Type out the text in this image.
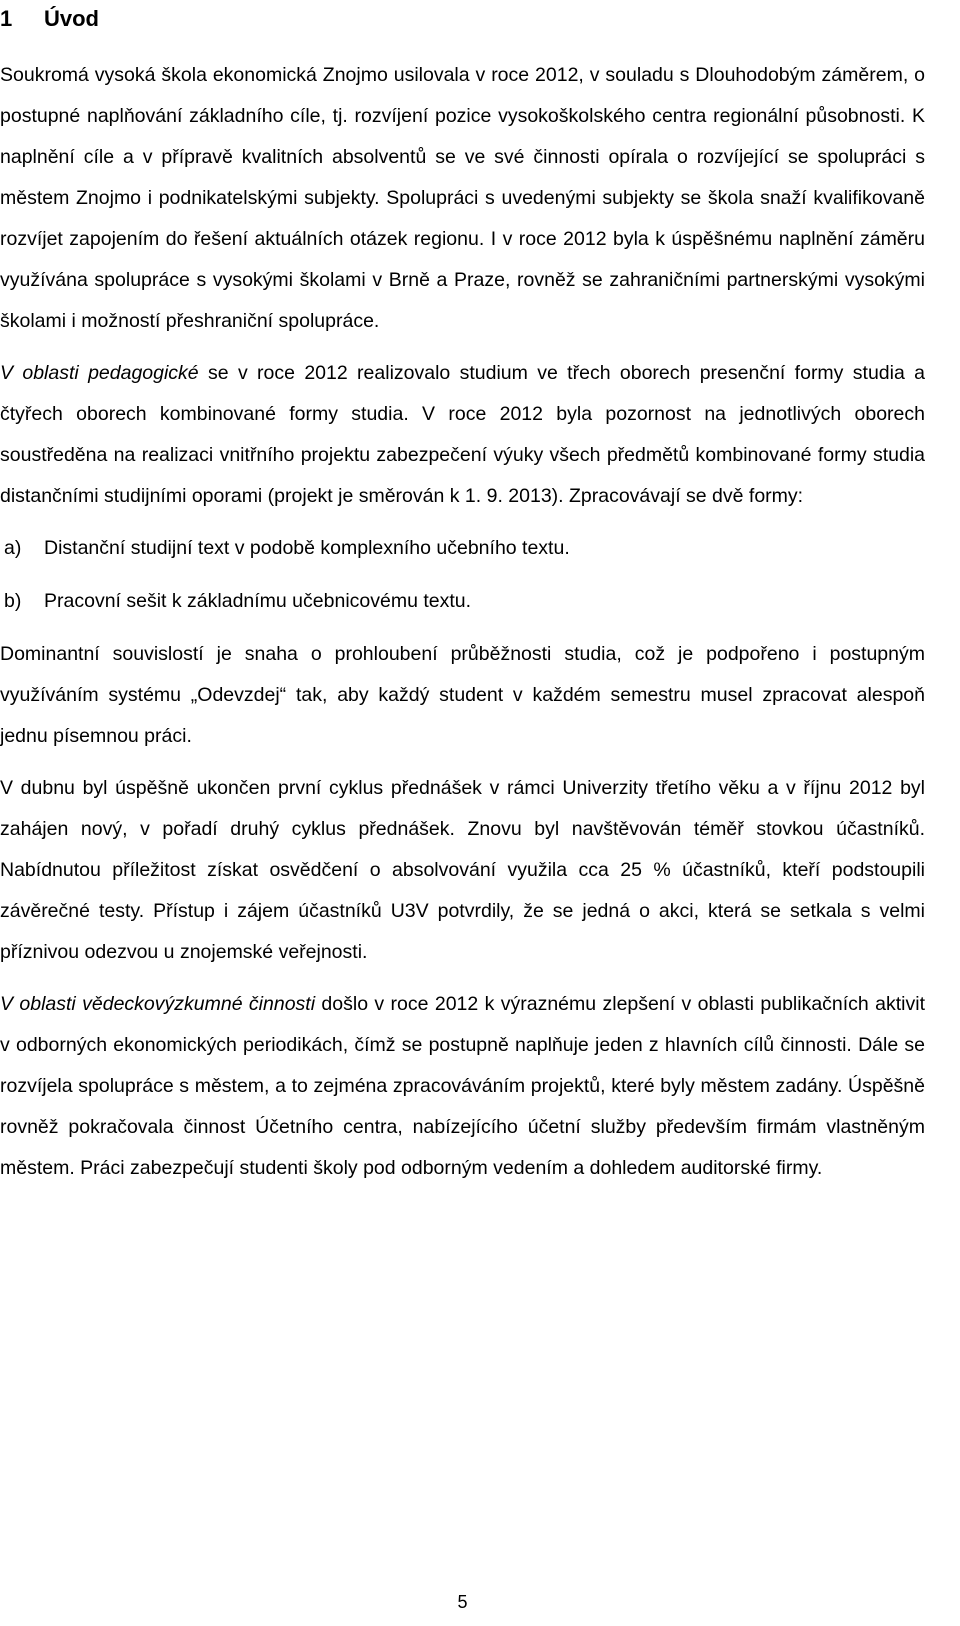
1 Úvod

Soukromá vysoká škola ekonomická Znojmo usilovala v roce 2012, v souladu s Dlouhodobým záměrem, o postupné naplňování základního cíle, tj. rozvíjení pozice vysokoškolského centra regionální působnosti. K naplnění cíle a v přípravě kvalitních absolventů se ve své činnosti opírala o rozvíjející se spolupráci s městem Znojmo i podnikatelskými subjekty. Spolupráci s uvedenými subjekty se škola snaží kvalifikovaně rozvíjet zapojením do řešení aktuálních otázek regionu. I v roce 2012 byla k úspěšnému naplnění záměru využívána spolupráce s vysokými školami v Brně a Praze, rovněž se zahraničními partnerskými vysokými školami i možností přeshraniční spolupráce.

V oblasti pedagogické se v roce 2012 realizovalo studium ve třech oborech presenční formy studia a čtyřech oborech kombinované formy studia. V roce 2012 byla pozornost na jednotlivých oborech soustředěna na realizaci vnitřního projektu zabezpečení výuky všech předmětů kombinované formy studia distančními studijními oporami (projekt je směrován k 1. 9. 2013). Zpracovávají se dvě formy:

a) Distanční studijní text v podobě komplexního učebního textu.
b) Pracovní sešit k základnímu učebnicovému textu.

Dominantní souvislostí je snaha o prohloubení průběžnosti studia, což je podpořeno i postupným využíváním systému „Odevzdej“ tak, aby každý student v každém semestru musel zpracovat alespoň jednu písemnou práci.

V dubnu byl úspěšně ukončen první cyklus přednášek v rámci Univerzity třetího věku a v říjnu 2012 byl zahájen nový, v pořadí druhý cyklus přednášek. Znovu byl navštěvován téměř stovkou účastníků. Nabídnutou příležitost získat osvědčení o absolvování využila cca 25 % účastníků, kteří podstoupili závěrečné testy. Přístup i zájem účastníků U3V potvrdily, že se jedná o akci, která se setkala s velmi příznivou odezvou u znojemské veřejnosti.

V oblasti vědeckovýzkumné činnosti došlo v roce 2012 k výraznému zlepšení v oblasti publikačních aktivit v odborných ekonomických periodikách, čímž se postupně naplňuje jeden z hlavních cílů činnosti. Dále se rozvíjela spolupráce s městem, a to zejména zpracováváním projektů, které byly městem zadány. Úspěšně rovněž pokračovala činnost Účetního centra, nabízejícího účetní služby především firmám vlastněným městem. Práci zabezpečují studenti školy pod odborným vedením a dohledem auditorské firmy.

5
